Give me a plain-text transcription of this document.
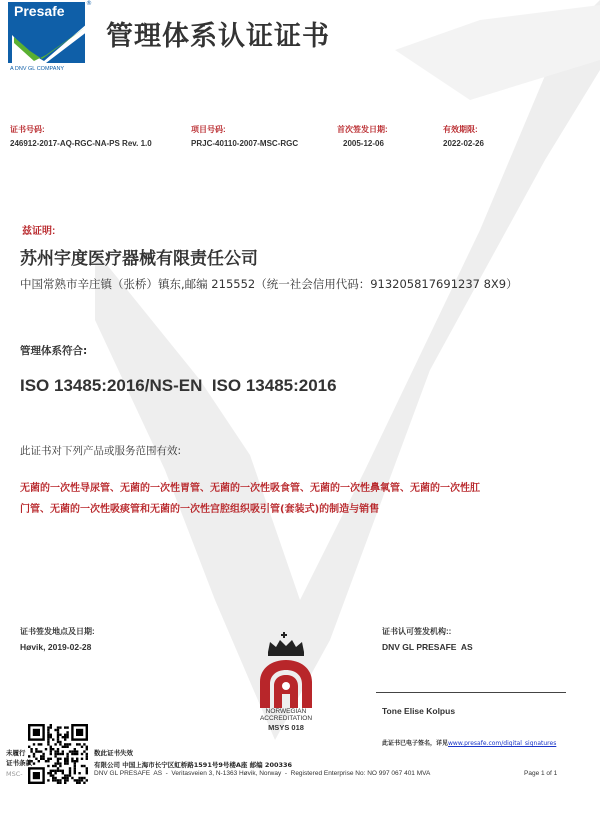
Presafe	®
A DNV GL COMPANY
管理体系认证证书
证书号码:
246912-2017-AQ-RGC-NA-PS Rev. 1.0
项目号码:
PRJC-40110-2007-MSC-RGC
首次签发日期:
2005-12-06
有效期限:
2022-02-26
兹证明:
苏州宇度医疗器械有限责任公司
中国常熟市辛庄镇（张桥）镇东,邮编 215552（统一社会信用代码：913205817691237 8X9）
管理体系符合:
ISO 13485:2016/NS-EN  ISO 13485:2016
此证书对下列产品或服务范围有效:
无菌的一次性导尿管、无菌的一次性胃管、无菌的一次性吸食管、无菌的一次性鼻氧管、无菌的一次性肛
门管、无菌的一次性吸痰管和无菌的一次性宫腔组织吸引管(套装式)的制造与销售
证书签发地点及日期:
Høvik, 2019-02-28
NORWEGIAN
ACCREDITATION
MSYS 018
证书认可签发机构::
DNV GL PRESAFE  AS
Tone Elise Kolpus
此证书已电子签名，详见www.presafe.com/digital_signatures
未履行
证书条款
MSC-
数此证书失效
有限公司 中国上海市长宁区虹桥路1591号9号楼A座 邮编 200336
DNV GL PRESAFE  AS  -  Veritasveien 3, N-1363 Høvik, Norway  -  Registered Enterprise No: NO 997 067 401 MVA	Page 1 of 1
